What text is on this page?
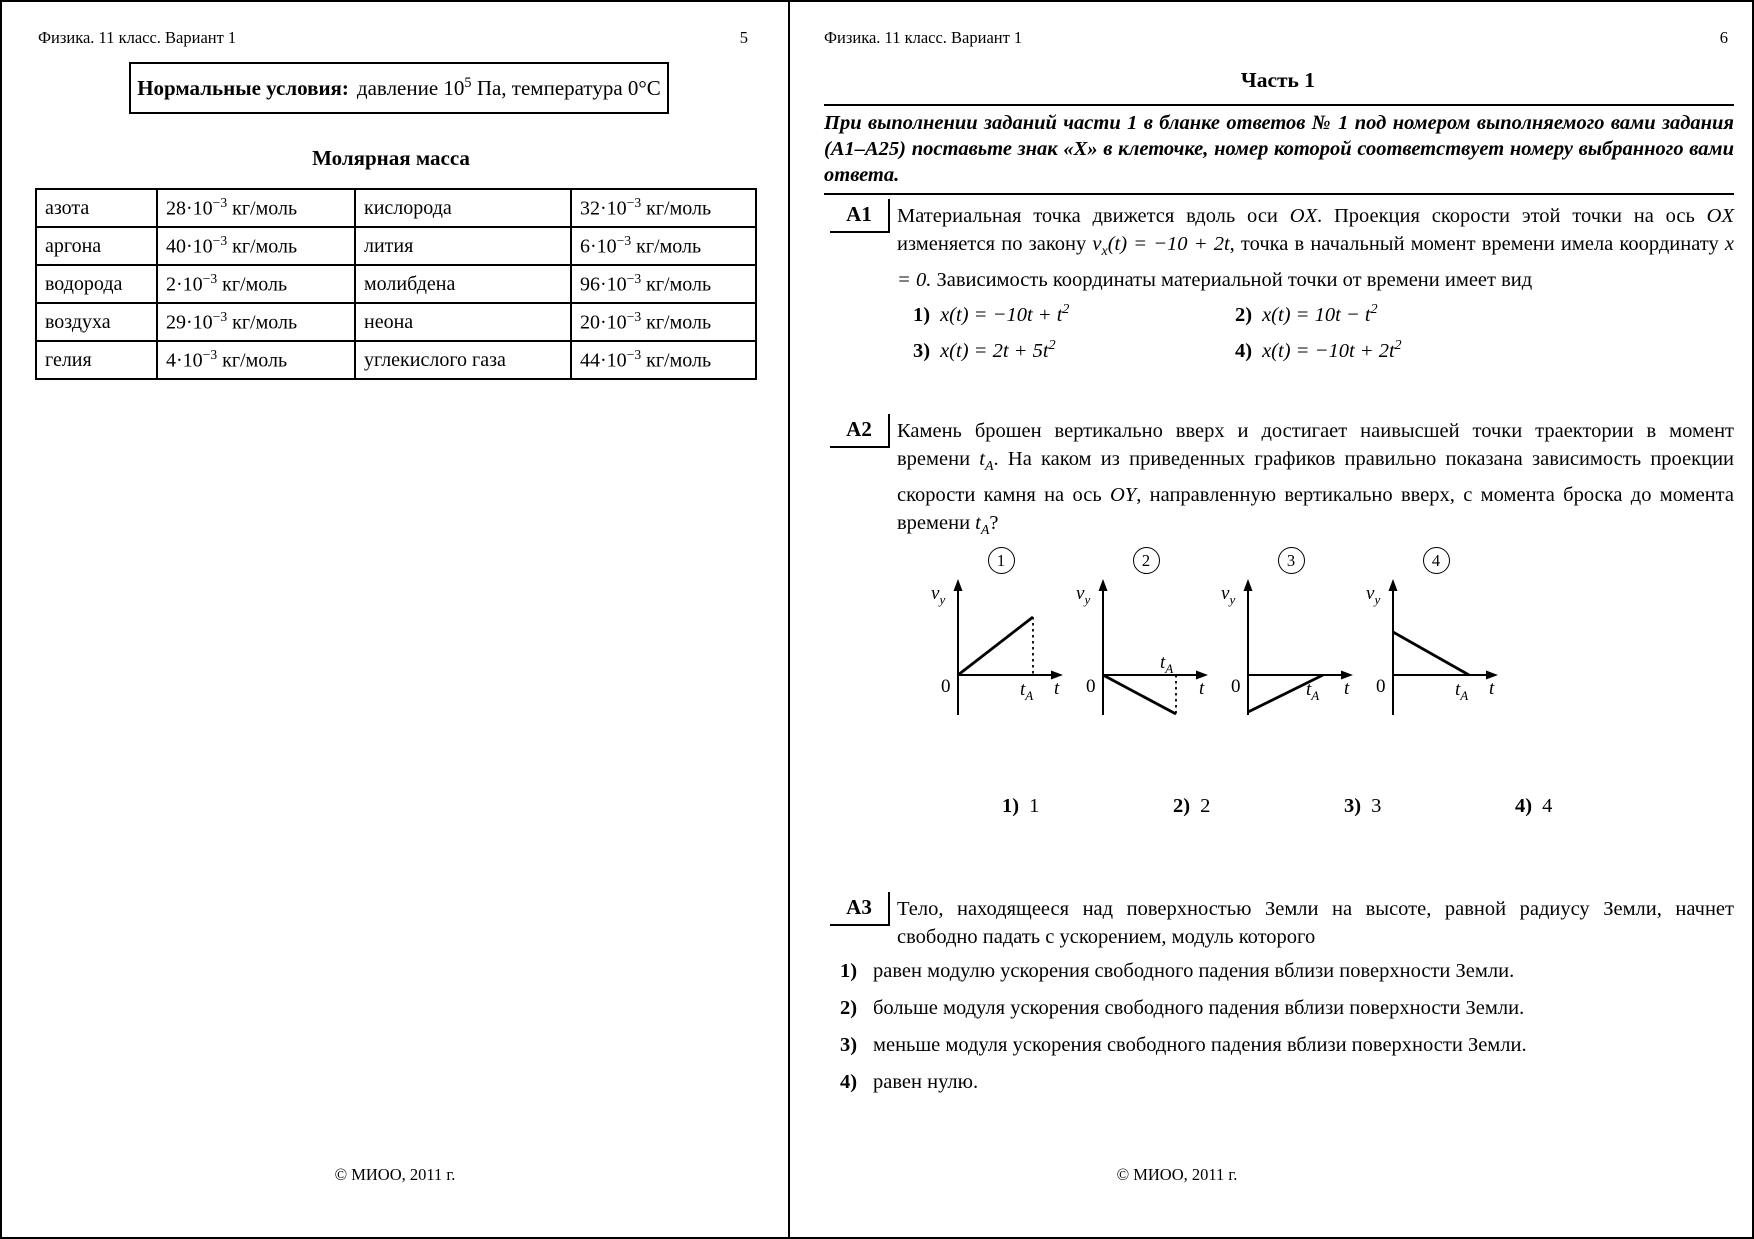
Физика. 11 класс. Вариант 1	5
Нормальные условия: давление $10^5$ Па, температура 0°С
Молярная масса
азота	$28\cdot 10^{-3}$ кг/моль	кислорода	$32\cdot 10^{-3}$ кг/моль
аргона	$40\cdot 10^{-3}$ кг/моль	лития	$6\cdot 10^{-3}$ кг/моль
водорода	$2\cdot 10^{-3}$ кг/моль	молибдена	$96\cdot 10^{-3}$ кг/моль
воздуха	$29\cdot 10^{-3}$ кг/моль	неона	$20\cdot 10^{-3}$ кг/моль
гелия	$4\cdot 10^{-3}$ кг/моль	углекислого газа	$44\cdot 10^{-3}$ кг/моль
© МИОО, 2011 г.
Физика. 11 класс. Вариант 1	6
Часть 1
При выполнении заданий части 1 в бланке ответов № 1 под номером выполняемого вами задания (А1–А25) поставьте знак «Х» в клеточке, номер которой соответствует номеру выбранного вами ответа.
А1	Материальная точка движется вдоль оси OX. Проекция скорости этой точки на ось OX изменяется по закону $v_x(t) = -10 + 2t$, точка в начальный момент времени имела координату x = 0. Зависимость координаты материальной точки от времени имеет вид
1) $x(t) = -10t + t^2$	2) $x(t) = 10t - t^2$
3) $x(t) = 2t + 5t^2$	4) $x(t) = -10t + 2t^2$
А2	Камень брошен вертикально вверх и достигает наивысшей точки траектории в момент времени $t_A$. На каком из приведенных графиков правильно показана зависимость проекции скорости камня на ось OY, направленную вертикально вверх, с момента броска до момента времени $t_A$?
1
$v_y$
0	$t_A$ t
2
$v_y$
0
$t_A$
t
3
$v_y$
0	$t_A$ t
4
$v_y$
0	$t_A$ t
1) 1	2) 2	3) 3	4) 4
А3	Тело, находящееся над поверхностью Земли на высоте, равной радиусу Земли, начнет свободно падать с ускорением, модуль которого
1) равен модулю ускорения свободного падения вблизи поверхности Земли.
2) больше модуля ускорения свободного падения вблизи поверхности Земли.
3) меньше модуля ускорения свободного падения вблизи поверхности Земли.
4) равен нулю.
© МИОО, 2011 г.
